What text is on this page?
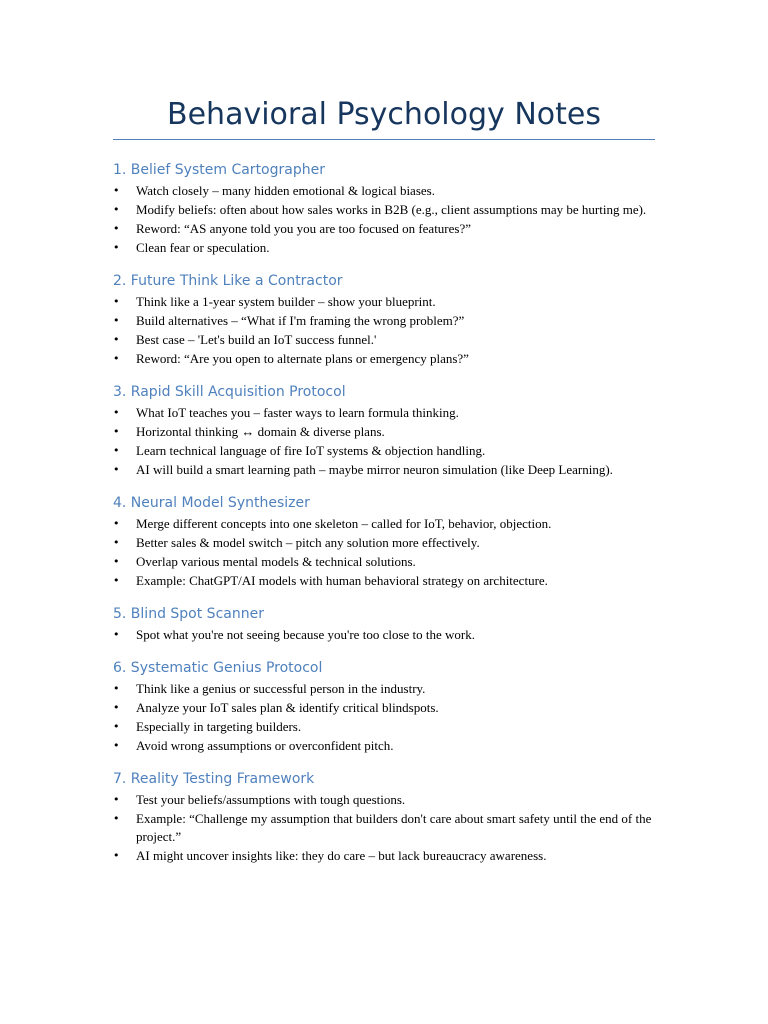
Behavioral Psychology Notes
1. Belief System Cartographer
• Watch closely – many hidden emotional & logical biases.
• Modify beliefs: often about how sales works in B2B (e.g., client assumptions may be hurting me).
• Reword: “AS anyone told you you are too focused on features?”
• Clean fear or speculation.
2. Future Think Like a Contractor
• Think like a 1-year system builder – show your blueprint.
• Build alternatives – “What if I'm framing the wrong problem?”
• Best case – 'Let's build an IoT success funnel.'
• Reword: “Are you open to alternate plans or emergency plans?”
3. Rapid Skill Acquisition Protocol
• What IoT teaches you – faster ways to learn formula thinking.
• Horizontal thinking ↔ domain & diverse plans.
• Learn technical language of fire IoT systems & objection handling.
• AI will build a smart learning path – maybe mirror neuron simulation (like Deep Learning).
4. Neural Model Synthesizer
• Merge different concepts into one skeleton – called for IoT, behavior, objection.
• Better sales & model switch – pitch any solution more effectively.
• Overlap various mental models & technical solutions.
• Example: ChatGPT/AI models with human behavioral strategy on architecture.
5. Blind Spot Scanner
• Spot what you're not seeing because you're too close to the work.
6. Systematic Genius Protocol
• Think like a genius or successful person in the industry.
• Analyze your IoT sales plan & identify critical blindspots.
• Especially in targeting builders.
• Avoid wrong assumptions or overconfident pitch.
7. Reality Testing Framework
• Test your beliefs/assumptions with tough questions.
• Example: “Challenge my assumption that builders don't care about smart safety until the end of the project.”
• AI might uncover insights like: they do care – but lack bureaucracy awareness.
